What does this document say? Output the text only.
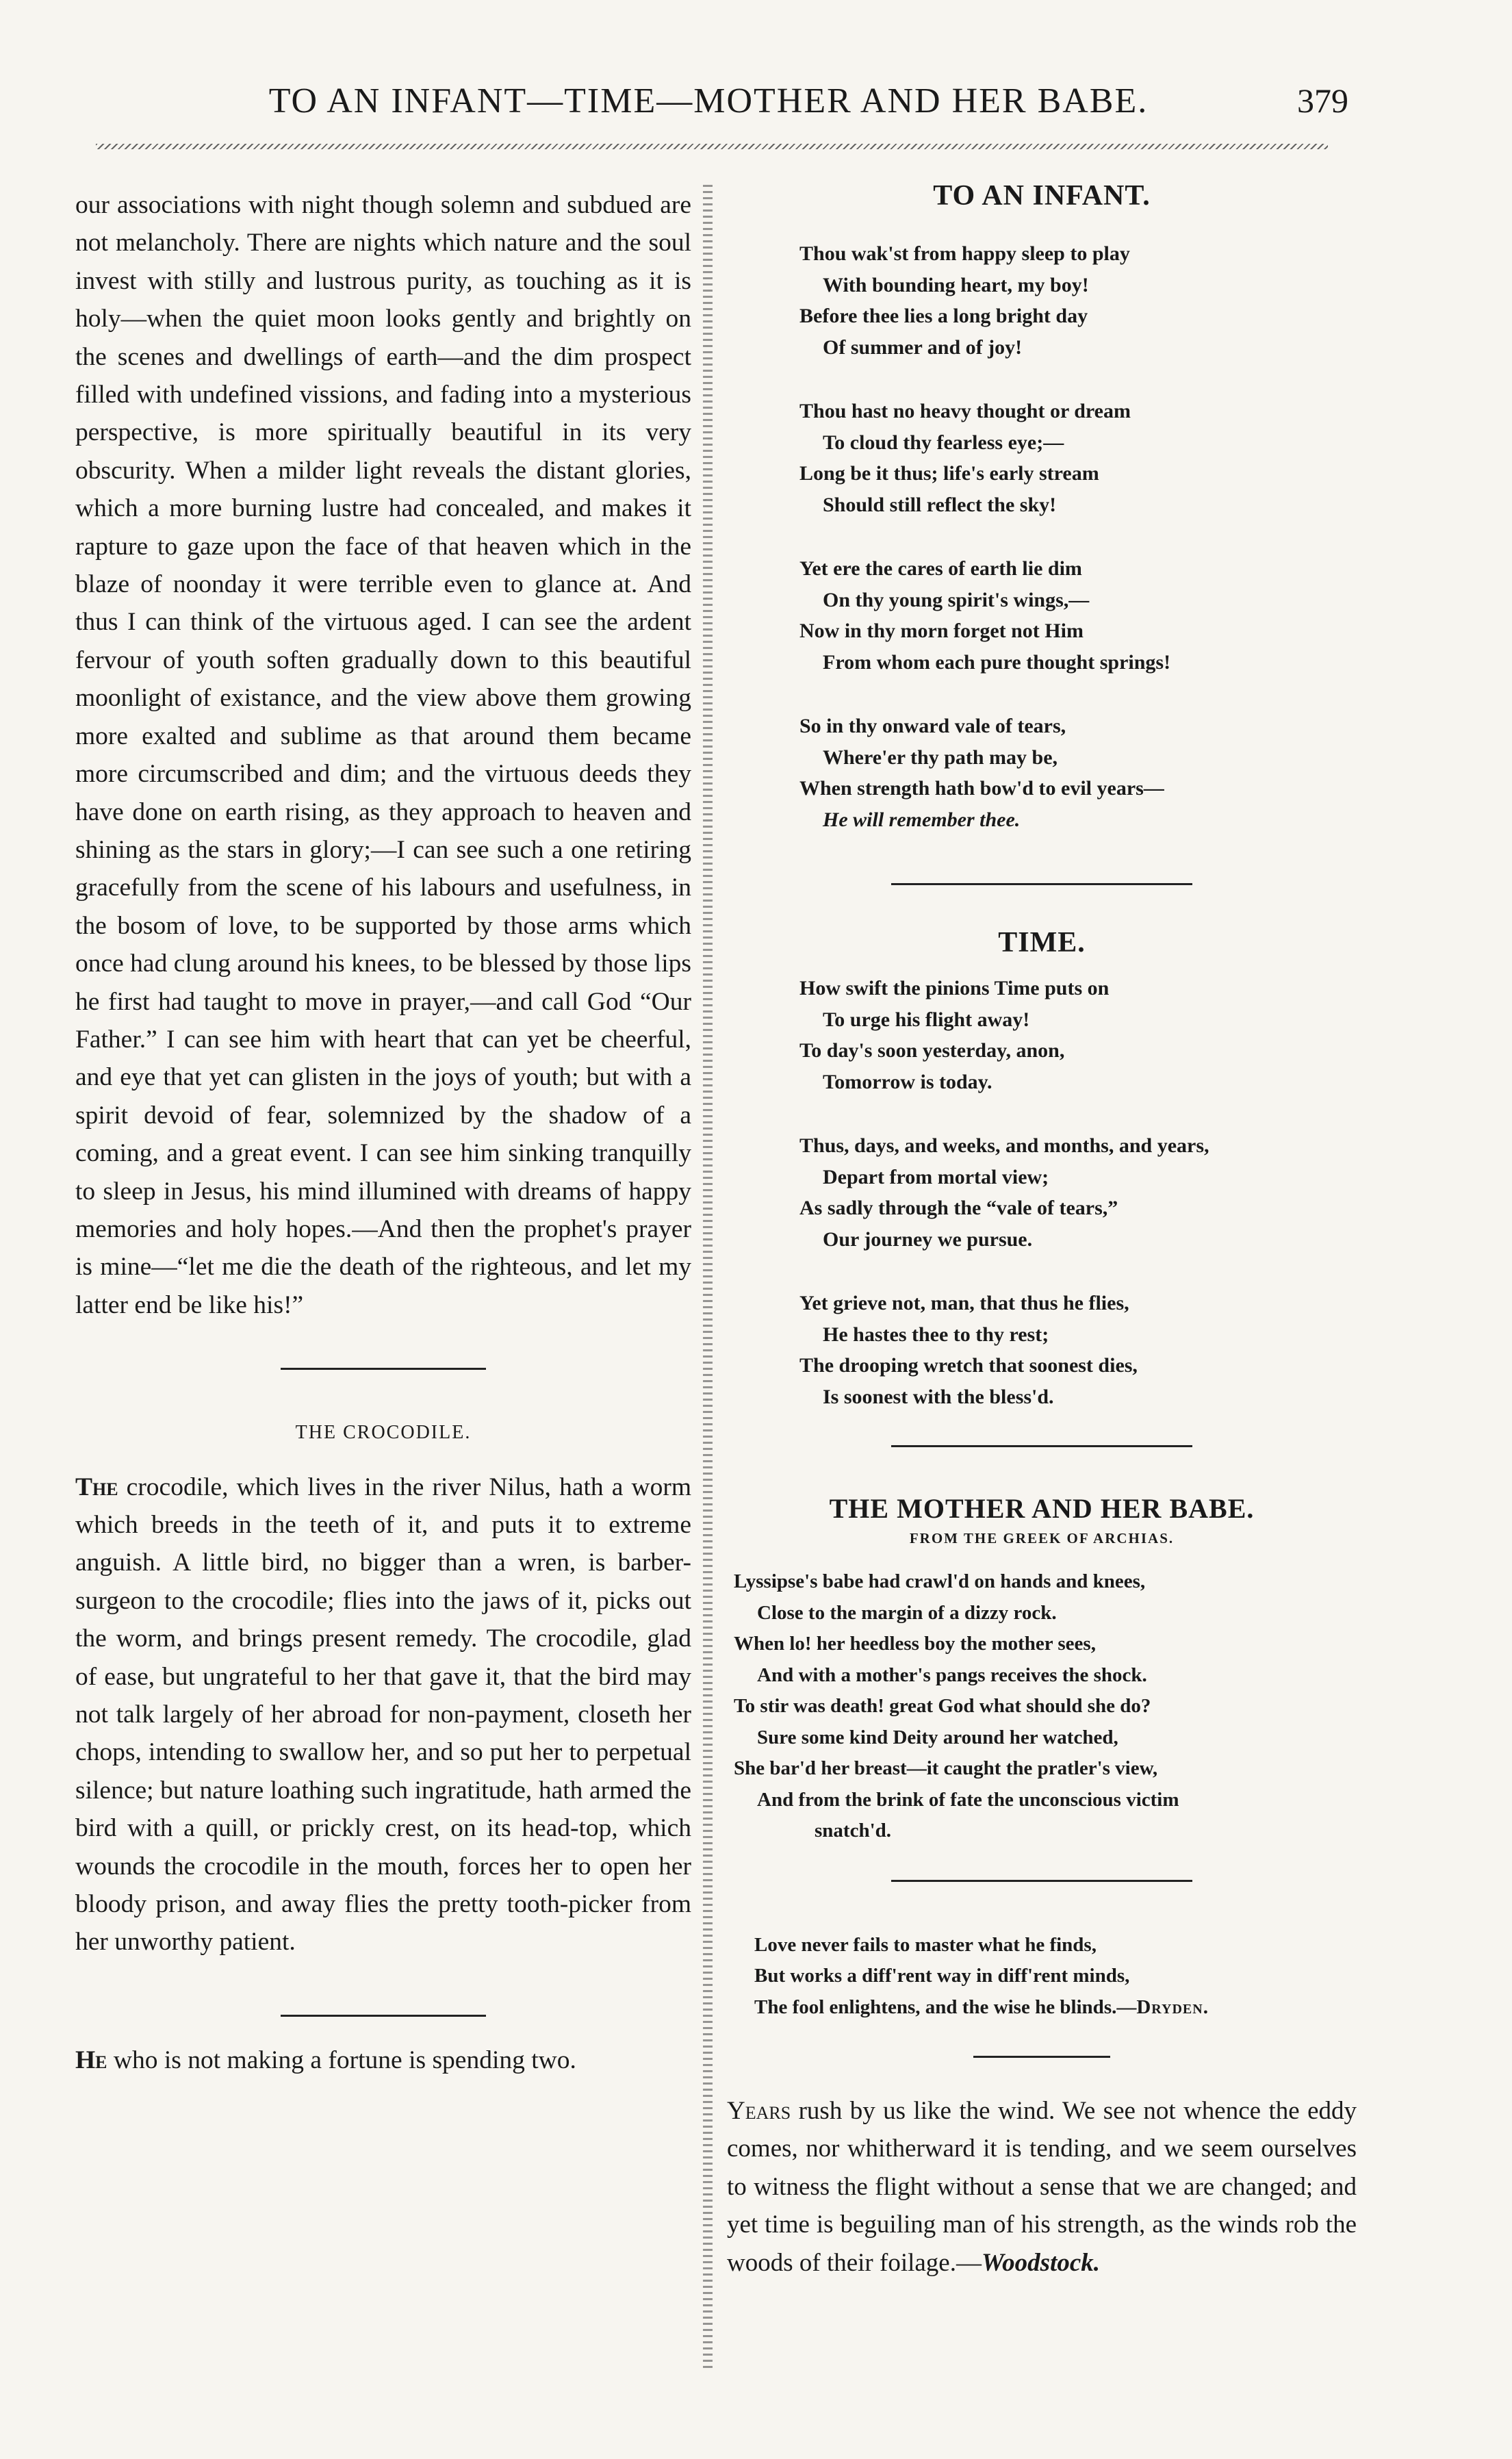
TO AN INFANT—TIME—MOTHER AND HER BABE.	379

our associations with night though solemn and subdued are not melancholy. There are nights which nature and the soul invest with stilly and lustrous purity, as touching as it is holy—when the quiet moon looks gently and brightly on the scenes and dwellings of earth—and the dim prospect filled with undefined vissions, and fading into a mysterious perspective, is more spiritually beautiful in its very obscurity. When a milder light reveals the distant glories, which a more burning lustre had concealed, and makes it rapture to gaze upon the face of that heaven which in the blaze of noonday it were terrible even to glance at. And thus I can think of the virtuous aged. I can see the ardent fervour of youth soften gradually down to this beautiful moonlight of existance, and the view above them growing more exalted and sublime as that around them became more circumscribed and dim; and the virtuous deeds they have done on earth rising, as they approach to heaven and shining as the stars in glory;—I can see such a one retiring gracefully from the scene of his labours and usefulness, in the bosom of love, to be supported by those arms which once had clung around his knees, to be blessed by those lips he first had taught to move in prayer,—and call God “Our Father.” I can see him with heart that can yet be cheerful, and eye that yet can glisten in the joys of youth; but with a spirit devoid of fear, solemnized by the shadow of a coming, and a great event. I can see him sinking tranquilly to sleep in Jesus, his mind illumined with dreams of happy memories and holy hopes.—And then the prophet's prayer is mine—“let me die the death of the righteous, and let my latter end be like his!”

THE CROCODILE.

The crocodile, which lives in the river Nilus, hath a worm which breeds in the teeth of it, and puts it to extreme anguish. A little bird, no bigger than a wren, is barber-surgeon to the crocodile; flies into the jaws of it, picks out the worm, and brings present remedy. The crocodile, glad of ease, but ungrateful to her that gave it, that the bird may not talk largely of her abroad for non-payment, closeth her chops, intending to swallow her, and so put her to perpetual silence; but nature loathing such ingratitude, hath armed the bird with a quill, or prickly crest, on its head-top, which wounds the crocodile in the mouth, forces her to open her bloody prison, and away flies the pretty tooth-picker from her unworthy patient.

He who is not making a fortune is spending two.

TO AN INFANT.
Thou wak'st from happy sleep to play
With bounding heart, my boy!
Before thee lies a long bright day
Of summer and of joy!
Thou hast no heavy thought or dream
To cloud thy fearless eye;—
Long be it thus; life's early stream
Should still reflect the sky!
Yet ere the cares of earth lie dim
On thy young spirit's wings,—
Now in thy morn forget not Him
From whom each pure thought springs!
So in thy onward vale of tears,
Where'er thy path may be,
When strength hath bow'd to evil years—
He will remember thee.
TIME.
How swift the pinions Time puts on
To urge his flight away!
To day's soon yesterday, anon,
Tomorrow is today.
Thus, days, and weeks, and months, and years,
Depart from mortal view;
As sadly through the “vale of tears,”
Our journey we pursue.
Yet grieve not, man, that thus he flies,
He hastes thee to thy rest;
The drooping wretch that soonest dies,
Is soonest with the bless'd.
THE MOTHER AND HER BABE.
FROM THE GREEK OF ARCHIAS.
Lyssipse's babe had crawl'd on hands and knees,
Close to the margin of a dizzy rock.
When lo! her heedless boy the mother sees,
And with a mother's pangs receives the shock.
To stir was death! great God what should she do?
Sure some kind Deity around her watched,
She bar'd her breast—it caught the pratler's view,
And from the brink of fate the unconscious victim
snatch'd.
Love never fails to master what he finds,
But works a diff'rent way in diff'rent minds,
The fool enlightens, and the wise he blinds.—Dryden.

Years rush by us like the wind. We see not whence the eddy comes, nor whitherward it is tending, and we seem ourselves to witness the flight without a sense that we are changed; and yet time is beguiling man of his strength, as the winds rob the woods of their foilage.—Woodstock.
